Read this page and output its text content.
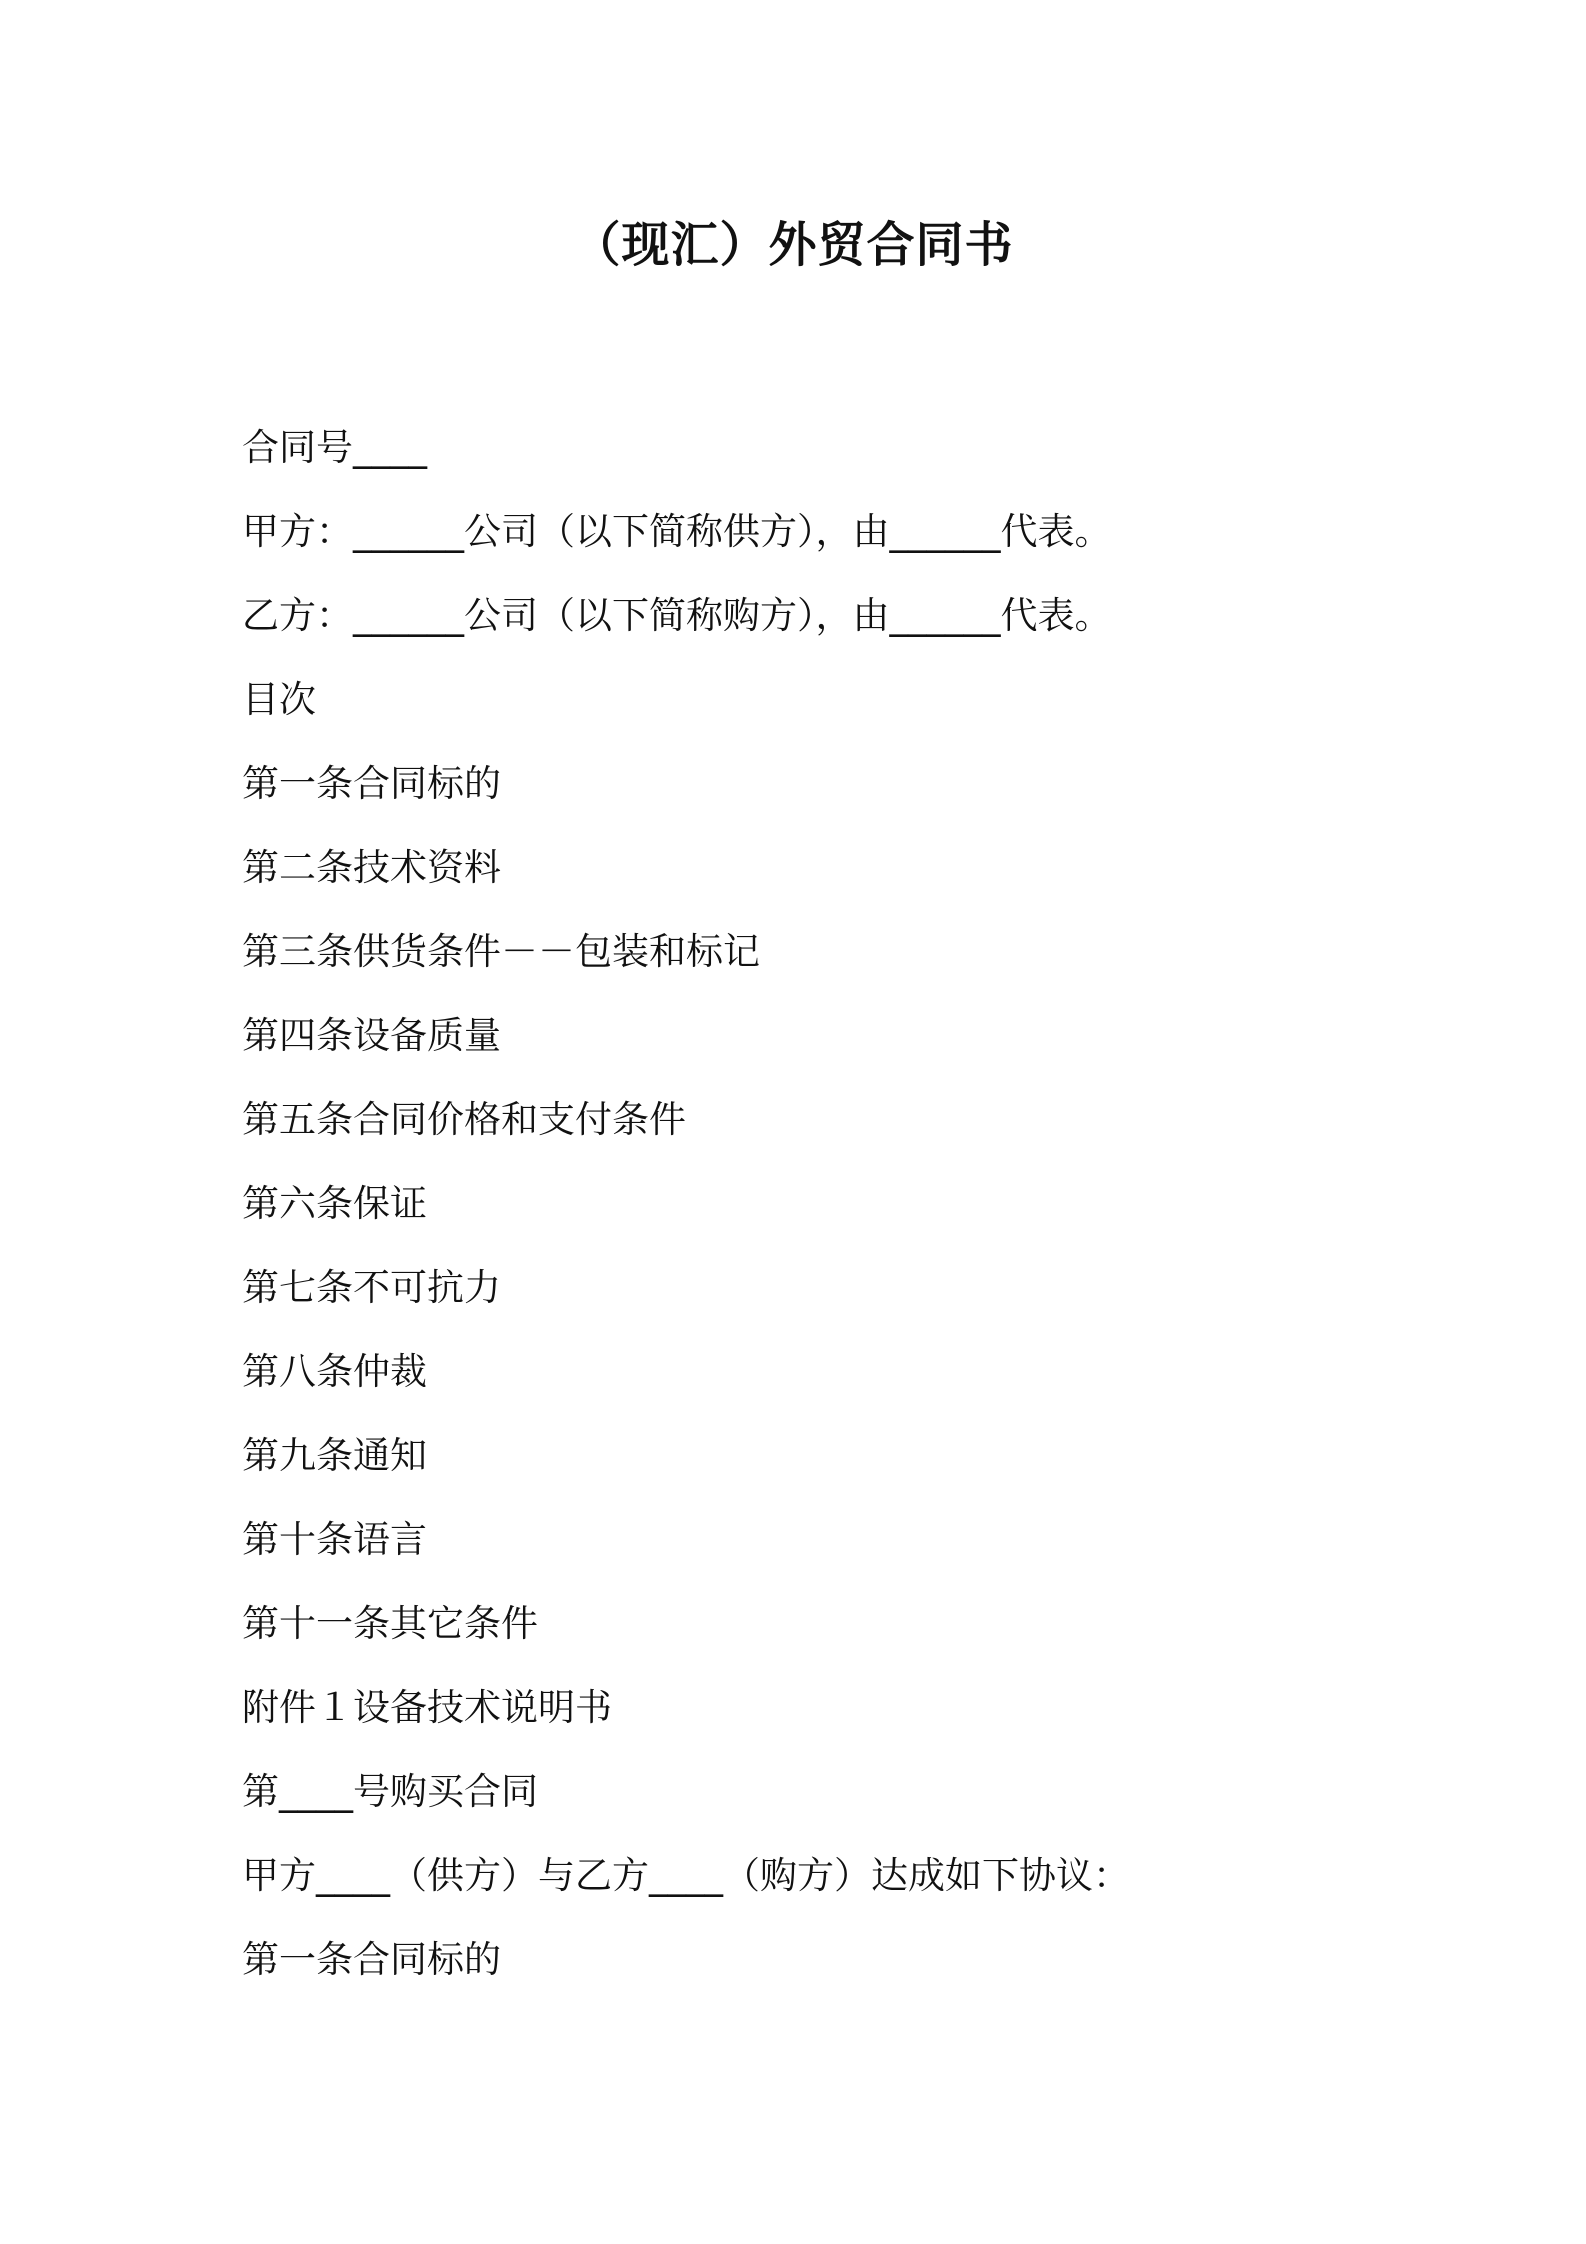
（现汇）外贸合同书
合同号____
甲方：______公司（以下简称供方），由______代表。
乙方：______公司（以下简称购方），由______代表。
目次
第一条合同标的
第二条技术资料
第三条供货条件－－包装和标记
第四条设备质量
第五条合同价格和支付条件
第六条保证
第七条不可抗力
第八条仲裁
第九条通知
第十条语言
第十一条其它条件
附件１设备技术说明书
第____号购买合同
甲方____（供方）与乙方____（购方）达成如下协议：
第一条合同标的
